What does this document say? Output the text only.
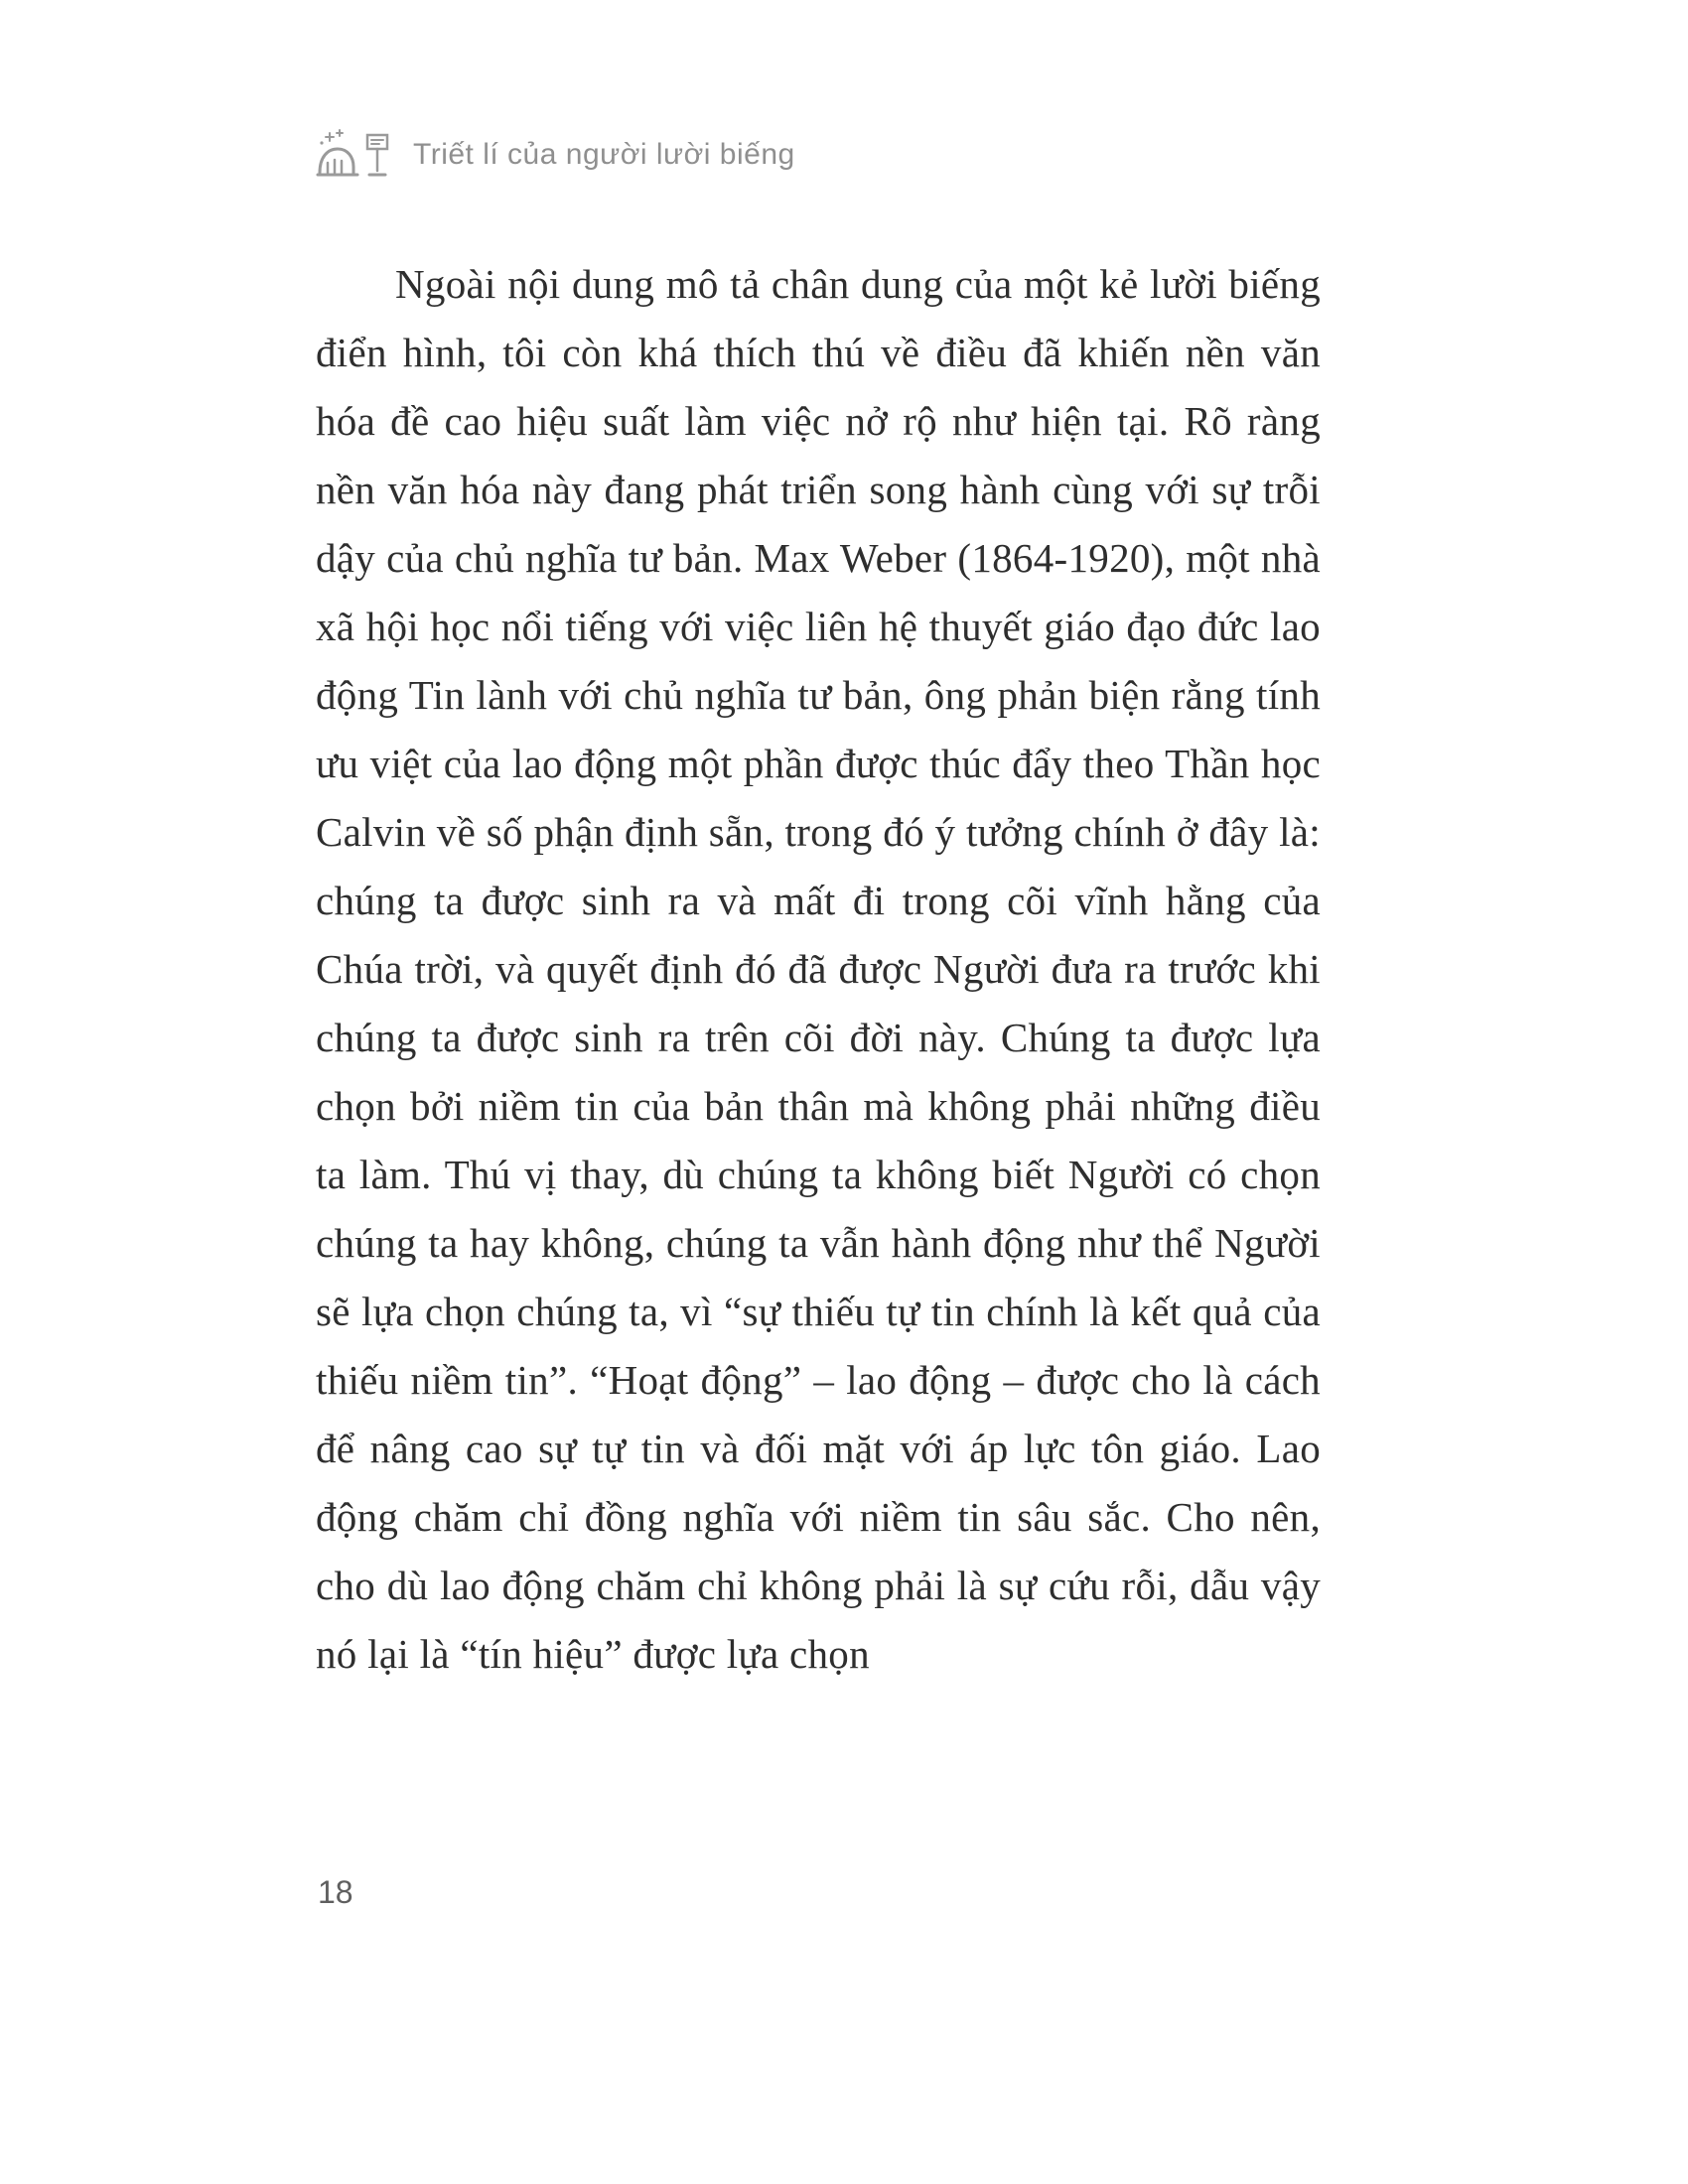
Triết lí của người lười biếng

Ngoài nội dung mô tả chân dung của một kẻ lười biếng điển hình, tôi còn khá thích thú về điều đã khiến nền văn hóa đề cao hiệu suất làm việc nở rộ như hiện tại. Rõ ràng nền văn hóa này đang phát triển song hành cùng với sự trỗi dậy của chủ nghĩa tư bản. Max Weber (1864-1920), một nhà xã hội học nổi tiếng với việc liên hệ thuyết giáo đạo đức lao động Tin lành với chủ nghĩa tư bản, ông phản biện rằng tính ưu việt của lao động một phần được thúc đẩy theo Thần học Calvin về số phận định sẵn, trong đó ý tưởng chính ở đây là: chúng ta được sinh ra và mất đi trong cõi vĩnh hằng của Chúa trời, và quyết định đó đã được Người đưa ra trước khi chúng ta được sinh ra trên cõi đời này. Chúng ta được lựa chọn bởi niềm tin của bản thân mà không phải những điều ta làm. Thú vị thay, dù chúng ta không biết Người có chọn chúng ta hay không, chúng ta vẫn hành động như thể Người sẽ lựa chọn chúng ta, vì “sự thiếu tự tin chính là kết quả của thiếu niềm tin”. “Hoạt động” – lao động – được cho là cách để nâng cao sự tự tin và đối mặt với áp lực tôn giáo. Lao động chăm chỉ đồng nghĩa với niềm tin sâu sắc. Cho nên, cho dù lao động chăm chỉ không phải là sự cứu rỗi, dẫu vậy nó lại là “tín hiệu” được lựa chọn

18
